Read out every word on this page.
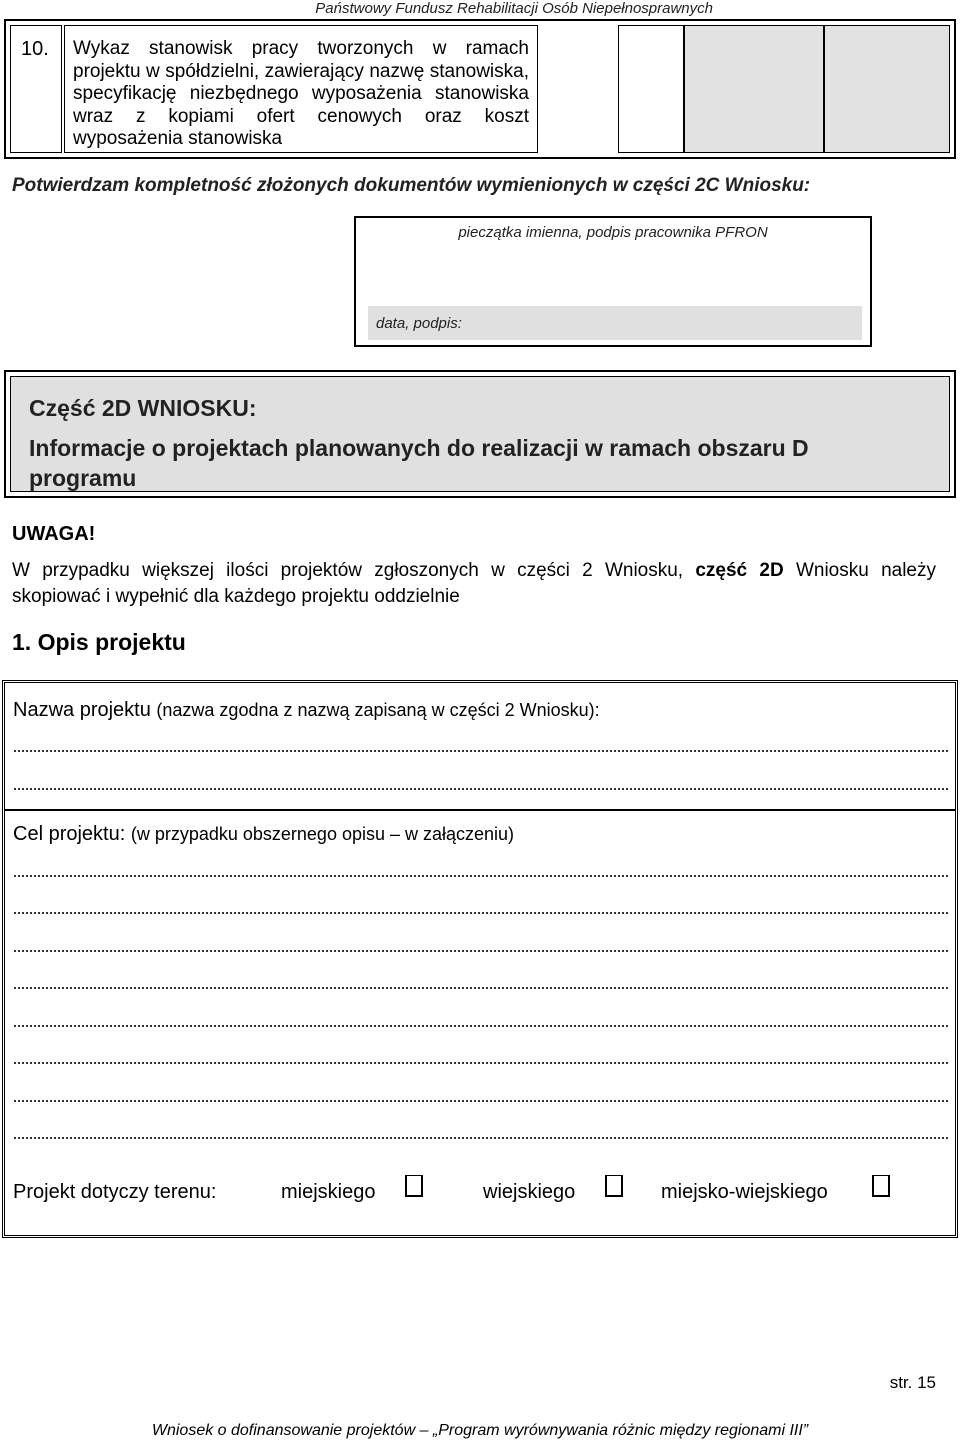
Państwowy Fundusz Rehabilitacji Osób Niepełnosprawnych
10.	Wykaz stanowisk pracy tworzonych w ramach projektu w spółdzielni, zawierający nazwę stanowiska, specyfikację niezbędnego wyposażenia stanowiska wraz z kopiami ofert cenowych oraz koszt wyposażenia stanowiska
Potwierdzam kompletność złożonych dokumentów wymienionych w części 2C Wniosku:
pieczątka imienna, podpis pracownika PFRON
data, podpis:
Część 2D WNIOSKU:
Informacje o projektach planowanych do realizacji w ramach obszaru D programu
UWAGA!
W przypadku większej ilości projektów zgłoszonych w części 2 Wniosku, część 2D Wniosku należy skopiować i wypełnić dla każdego projektu oddzielnie
1. Opis projektu
Nazwa projektu (nazwa zgodna z nazwą zapisaną w części 2 Wniosku):
Cel projektu: (w przypadku obszernego opisu – w załączeniu)
Projekt dotyczy terenu:	miejskiego	wiejskiego	miejsko-wiejskiego
str. 15
Wniosek o dofinansowanie projektów – „Program wyrównywania różnic między regionami III”
